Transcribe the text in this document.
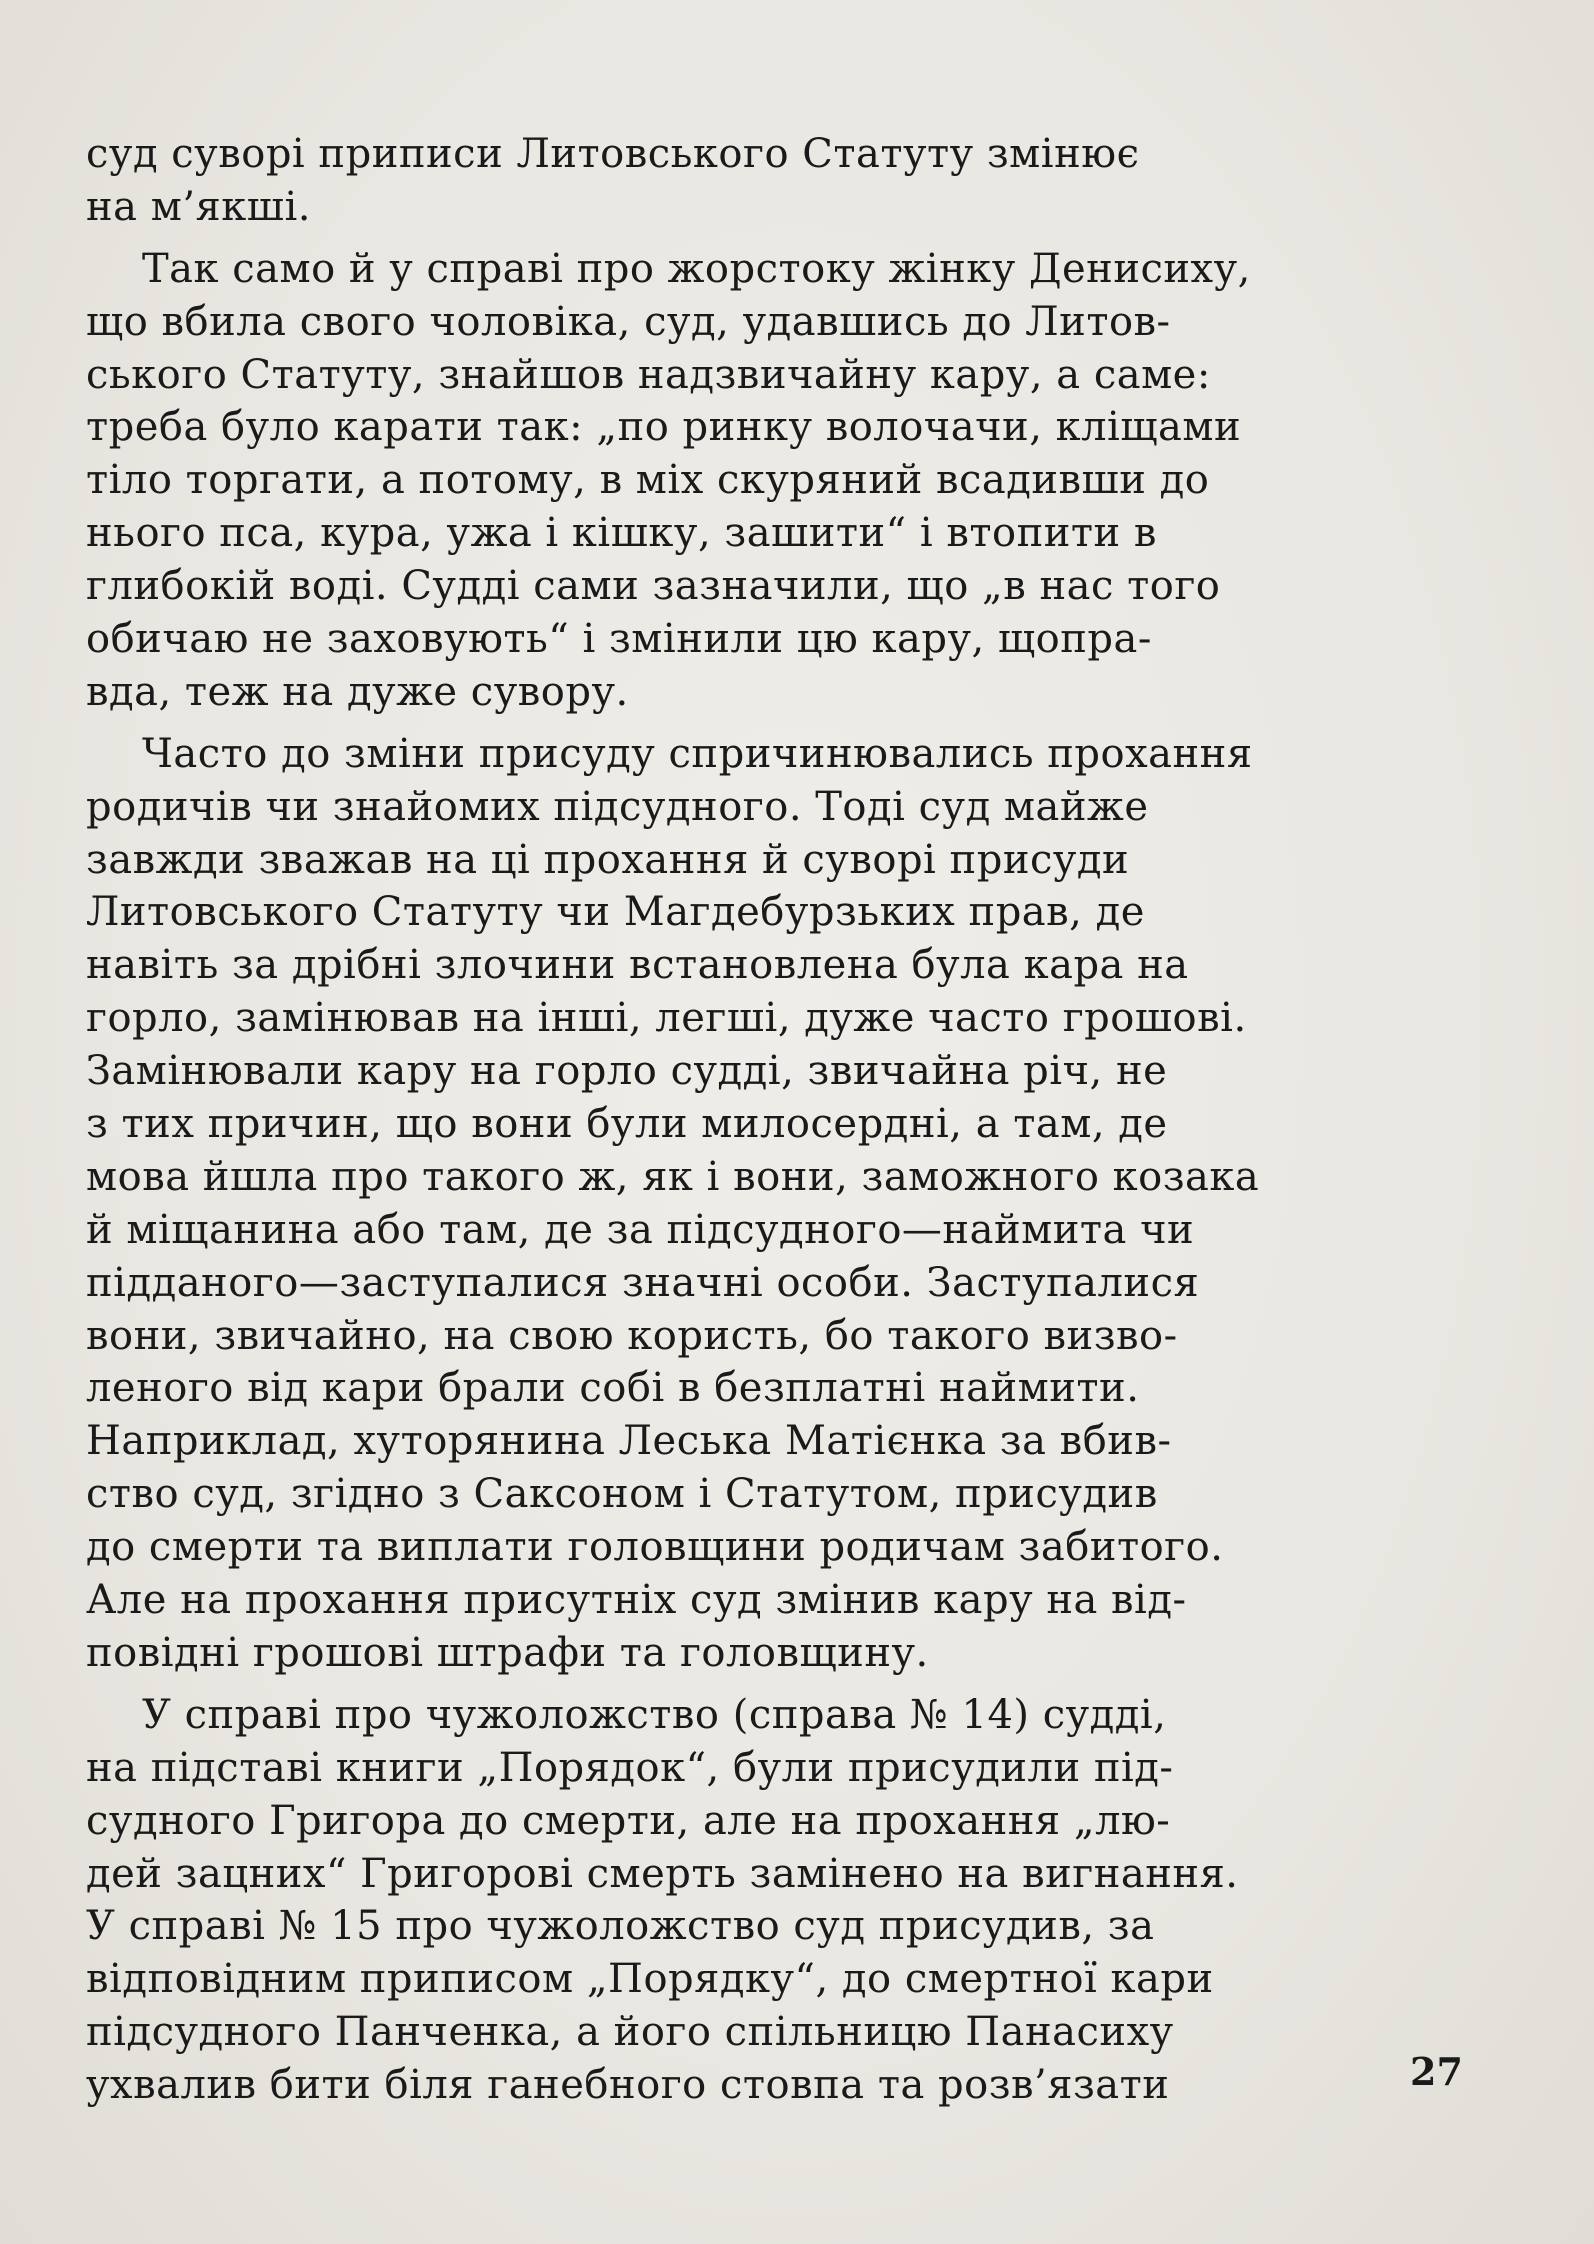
суд суворі приписи Литовського Статуту змінює
на м’якші.

Так само й у справі про жорстоку жінку Денисиху,
що вбила свого чоловіка, суд, удавшись до Литов-
ського Статуту, знайшов надзвичайну кару, а саме:
треба було карати так: „по ринку волочачи, кліщами
тіло торгати, а потому, в міх скуряний всадивши до
нього пса, кура, ужа і кішку, зашити“ і втопити в
глибокій воді. Судді сами зазначили, що „в нас того
обичаю не заховують“ і змінили цю кару, щопра-
вда, теж на дуже сувору.

Часто до зміни присуду спричинювались прохання
родичів чи знайомих підсудного. Тоді суд майже
завжди зважав на ці прохання й суворі присуди
Литовського Статуту чи Магдебурзьких прав, де
навіть за дрібні злочини встановлена була кара на
горло, замінював на інші, легші, дуже часто грошові.
Замінювали кару на горло судді, звичайна річ, не
з тих причин, що вони були милосердні, а там, де
мова йшла про такого ж, як і вони, заможного козака
й міщанина або там, де за підсудного—наймита чи
підданого—заступалися значні особи. Заступалися
вони, звичайно, на свою користь, бо такого визво-
леного від кари брали собі в безплатні наймити.
Наприклад, хуторянина Леська Матієнка за вбив-
ство суд, згідно з Саксоном і Статутом, присудив
до смерти та виплати головщини родичам забитого.
Але на прохання присутніх суд змінив кару на від-
повідні грошові штрафи та головщину.

У справі про чужоложство (справа № 14) судді,
на підставі книги „Порядок“, були присудили під-
судного Григора до смерти, але на прохання „лю-
дей зацних“ Григорові смерть замінено на вигнання.
У справі № 15 про чужоложство суд присудив, за
відповідним приписом „Порядку“, до смертної кари
підсудного Панченка, а його спільницю Панасиху
ухвалив бити біля ганебного стовпа та розв’язати	27
